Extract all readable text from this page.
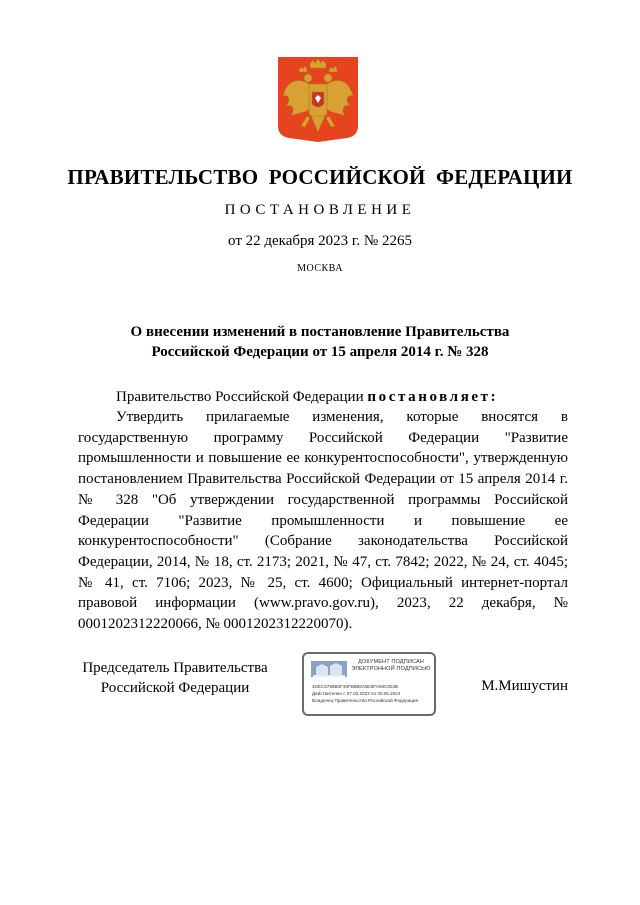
ПРАВИТЕЛЬСТВО РОССИЙСКОЙ ФЕДЕРАЦИИ
ПОСТАНОВЛЕНИЕ
от 22 декабря 2023 г. № 2265
МОСКВА
О внесении изменений в постановление Правительства
Российской Федерации от 15 апреля 2014 г. № 328
Правительство Российской Федерации постановляет:
Утвердить прилагаемые изменения, которые вносятся в государственную программу Российской Федерации "Развитие промышленности и повышение ее конкурентоспособности", утвержденную постановлением Правительства Российской Федерации от 15 апреля 2014 г. № 328 "Об утверждении государственной программы Российской Федерации "Развитие промышленности и повышение ее конкурентоспособности" (Собрание законодательства Российской Федерации, 2014, № 18, ст. 2173; 2021, № 47, ст. 7842; 2022, № 24, ст. 4045; № 41, ст. 7106; 2023, № 25, ст. 4600; Официальный интернет-портал правовой информации (www.pravo.gov.ru), 2023, 22 декабря, № 0001202312220066, № 0001202312220070).
Председатель Правительства
Российской Федерации
ДОКУМЕНТ ПОДПИСАН
ЭЛЕКТРОННОЙ ПОДПИСЬЮ
4DEC5786B0F30FB8B0AB03FA08C003B
Действителен с 07.03.2023 по 30.05.2024
Владелец Правительство Российской Федерация
М.Мишустин
